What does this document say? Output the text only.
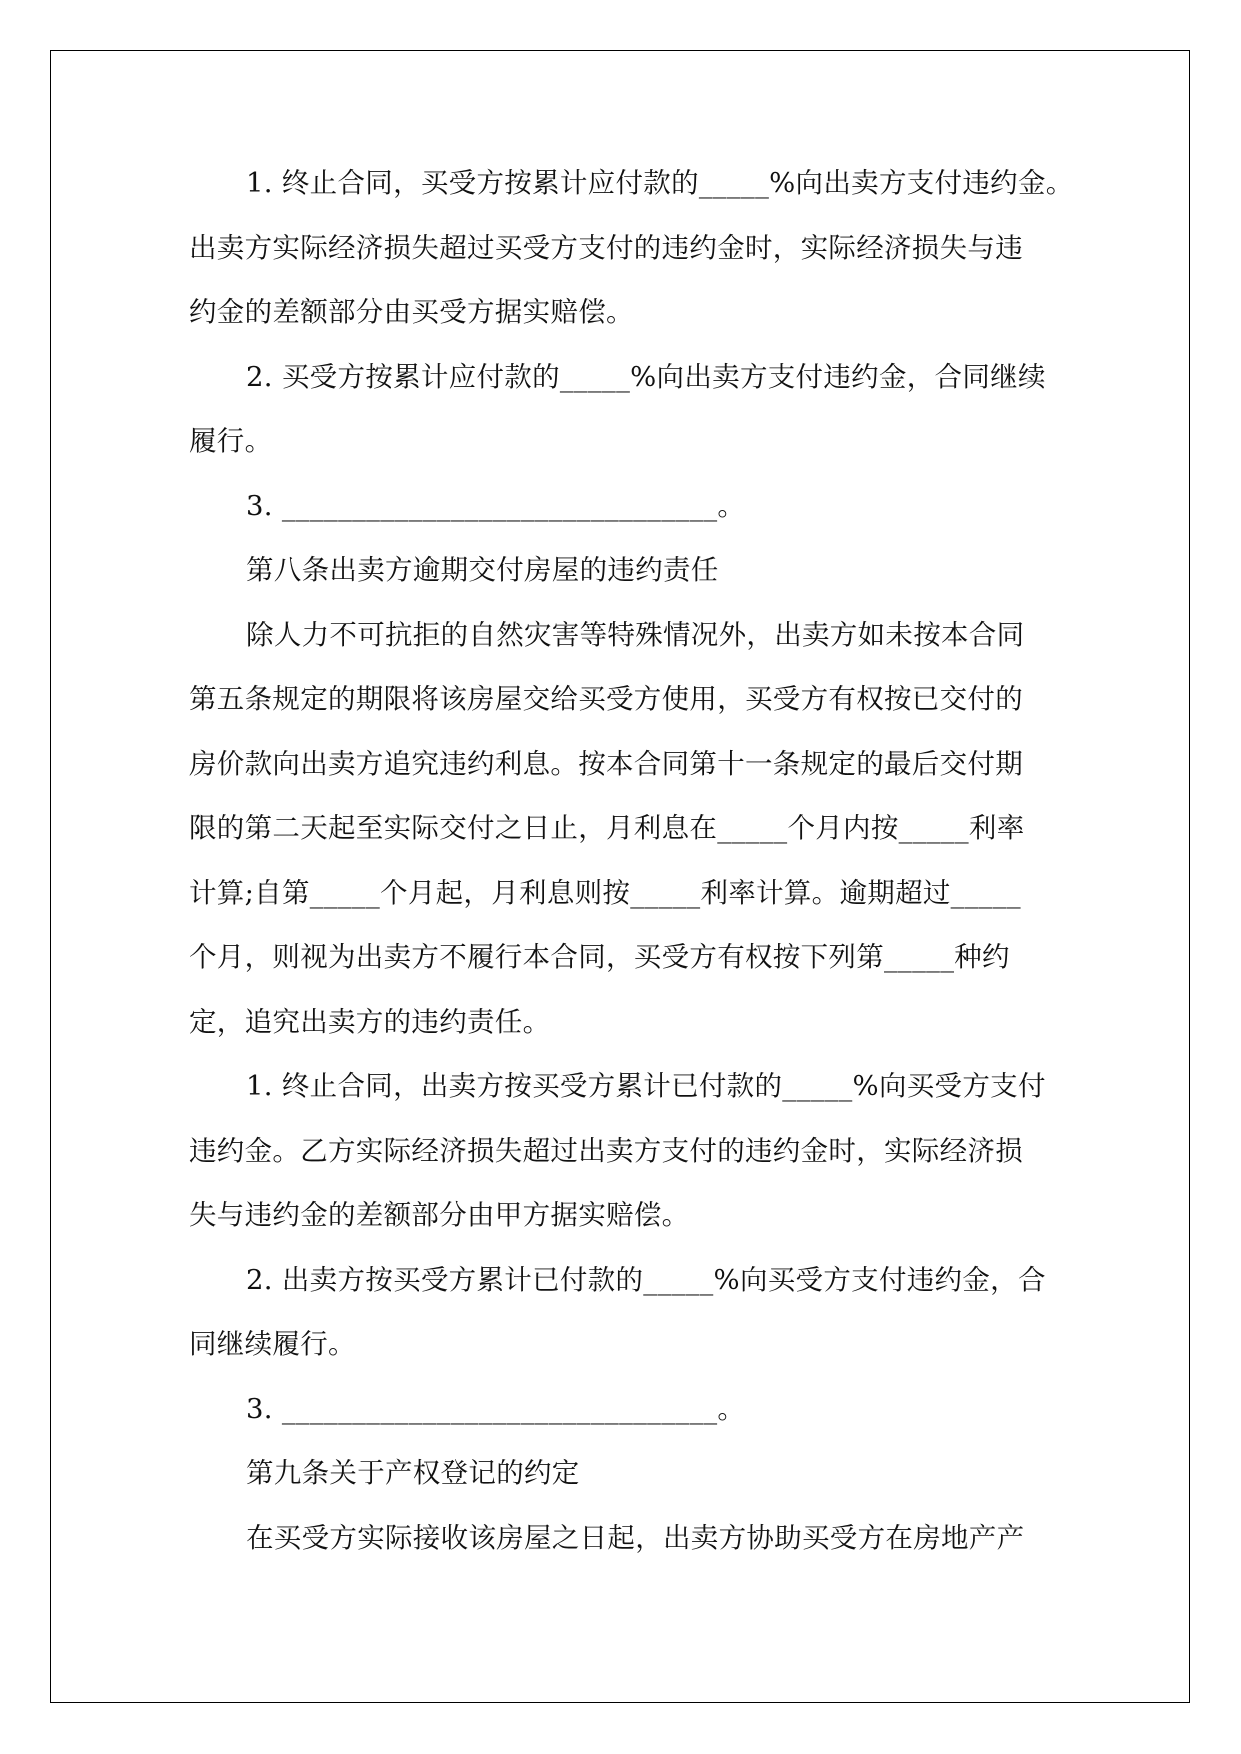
1. 终止合同，买受方按累计应付款的_____%向出卖方支付违约金。

出卖方实际经济损失超过买受方支付的违约金时，实际经济损失与违

约金的差额部分由买受方据实赔偿。

2. 买受方按累计应付款的_____%向出卖方支付违约金，合同继续

履行。

3. _______________________________。

第八条出卖方逾期交付房屋的违约责任

除人力不可抗拒的自然灾害等特殊情况外，出卖方如未按本合同

第五条规定的期限将该房屋交给买受方使用，买受方有权按已交付的

房价款向出卖方追究违约利息。按本合同第十一条规定的最后交付期

限的第二天起至实际交付之日止，月利息在_____个月内按_____利率

计算;自第_____个月起，月利息则按_____利率计算。逾期超过_____

个月，则视为出卖方不履行本合同，买受方有权按下列第_____种约

定，追究出卖方的违约责任。

1. 终止合同，出卖方按买受方累计已付款的_____%向买受方支付

违约金。乙方实际经济损失超过出卖方支付的违约金时，实际经济损

失与违约金的差额部分由甲方据实赔偿。

2. 出卖方按买受方累计已付款的_____%向买受方支付违约金，合

同继续履行。

3. _______________________________。

第九条关于产权登记的约定

在买受方实际接收该房屋之日起，出卖方协助买受方在房地产产
